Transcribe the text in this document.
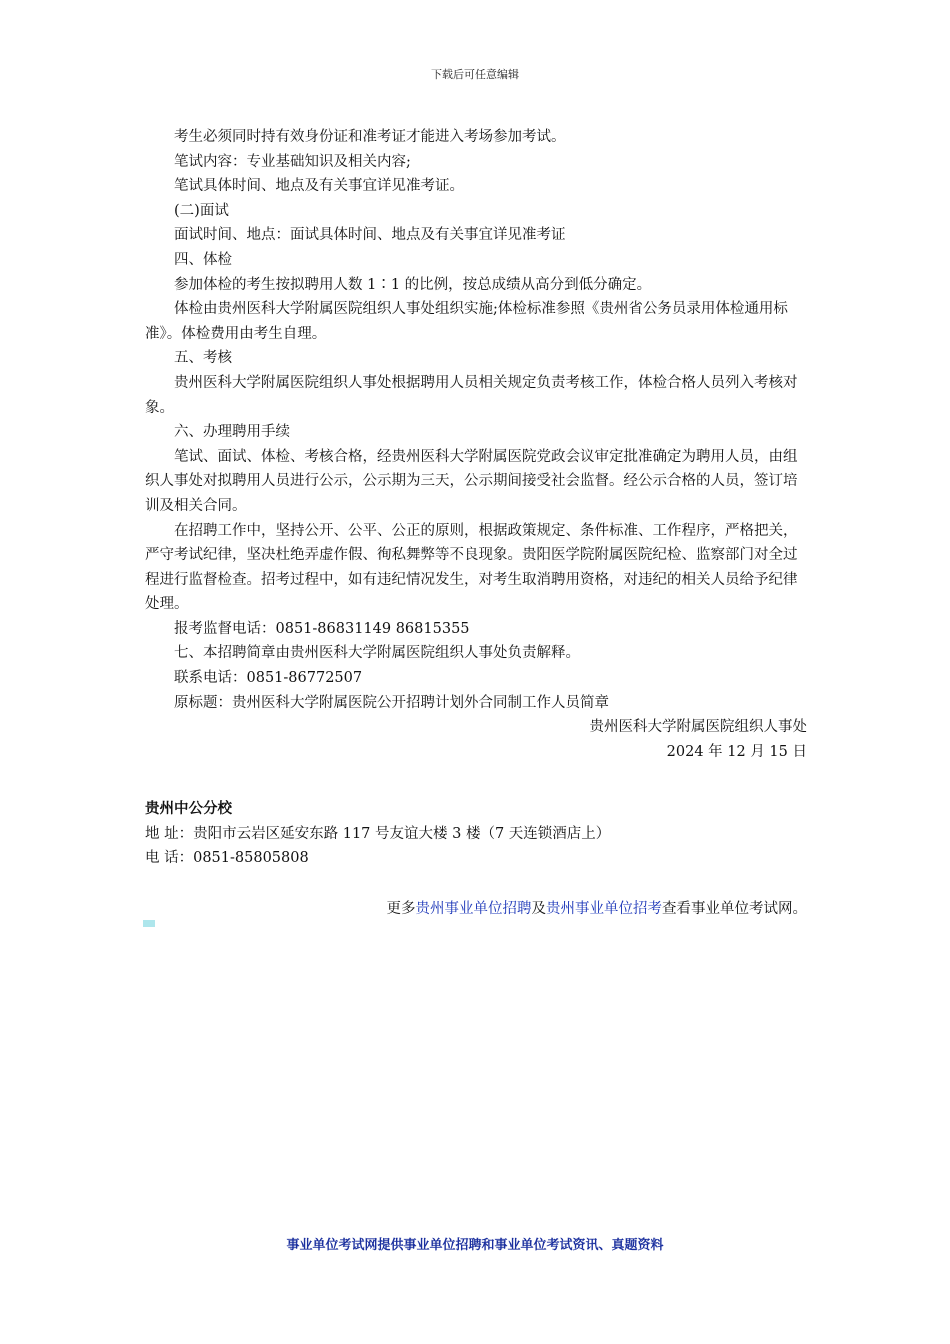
下载后可任意编辑

考生必须同时持有效身份证和准考证才能进入考场参加考试。

笔试内容：专业基础知识及相关内容;

笔试具体时间、地点及有关事宜详见准考证。

(二)面试

面试时间、地点：面试具体时间、地点及有关事宜详见准考证

四、体检

参加体检的考生按拟聘用人数 1∶1 的比例，按总成绩从高分到低分确定。

体检由贵州医科大学附属医院组织人事处组织实施;体检标准参照《贵州省公务员录用体检通用标准》。体检费用由考生自理。

五、考核

贵州医科大学附属医院组织人事处根据聘用人员相关规定负责考核工作，体检合格人员列入考核对象。

六、办理聘用手续

笔试、面试、体检、考核合格，经贵州医科大学附属医院党政会议审定批准确定为聘用人员，由组织人事处对拟聘用人员进行公示，公示期为三天，公示期间接受社会监督。经公示合格的人员，签订培训及相关合同。

在招聘工作中，坚持公开、公平、公正的原则，根据政策规定、条件标准、工作程序，严格把关，严守考试纪律，坚决杜绝弄虚作假、徇私舞弊等不良现象。贵阳医学院附属医院纪检、监察部门对全过程进行监督检查。招考过程中，如有违纪情况发生，对考生取消聘用资格，对违纪的相关人员给予纪律处理。

报考监督电话：0851-86831149 86815355

七、本招聘简章由贵州医科大学附属医院组织人事处负责解释。

联系电话：0851-86772507

原标题：贵州医科大学附属医院公开招聘计划外合同制工作人员简章

贵州医科大学附属医院组织人事处

2024 年 12 月 15 日

贵州中公分校
地 址：贵阳市云岩区延安东路 117 号友谊大楼 3 楼（7 天连锁酒店上）
电 话：0851-85805808
更多贵州事业单位招聘及贵州事业单位招考查看事业单位考试网。
事业单位考试网提供事业单位招聘和事业单位考试资讯、真题资料
